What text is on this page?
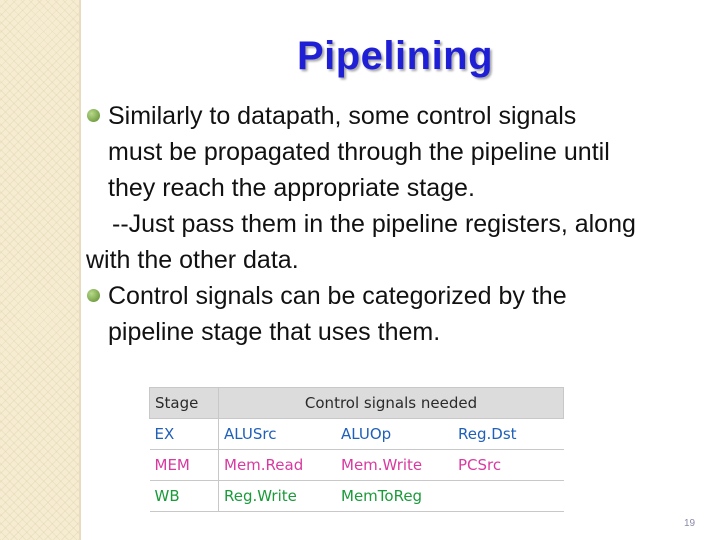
Pipelining
Similarly to datapath, some control signals
must be propagated through the pipeline until
they reach the appropriate stage.
--Just pass them in the pipeline registers, along
with the other data.
Control signals can be categorized by the
pipeline stage that uses them.
Stage	Control signals needed		
EX	ALUSrc	ALUOp	Reg.Dst
MEM	Mem.Read	Mem.Write	PCSrc
WB	Reg.Write	MemToReg	
19
